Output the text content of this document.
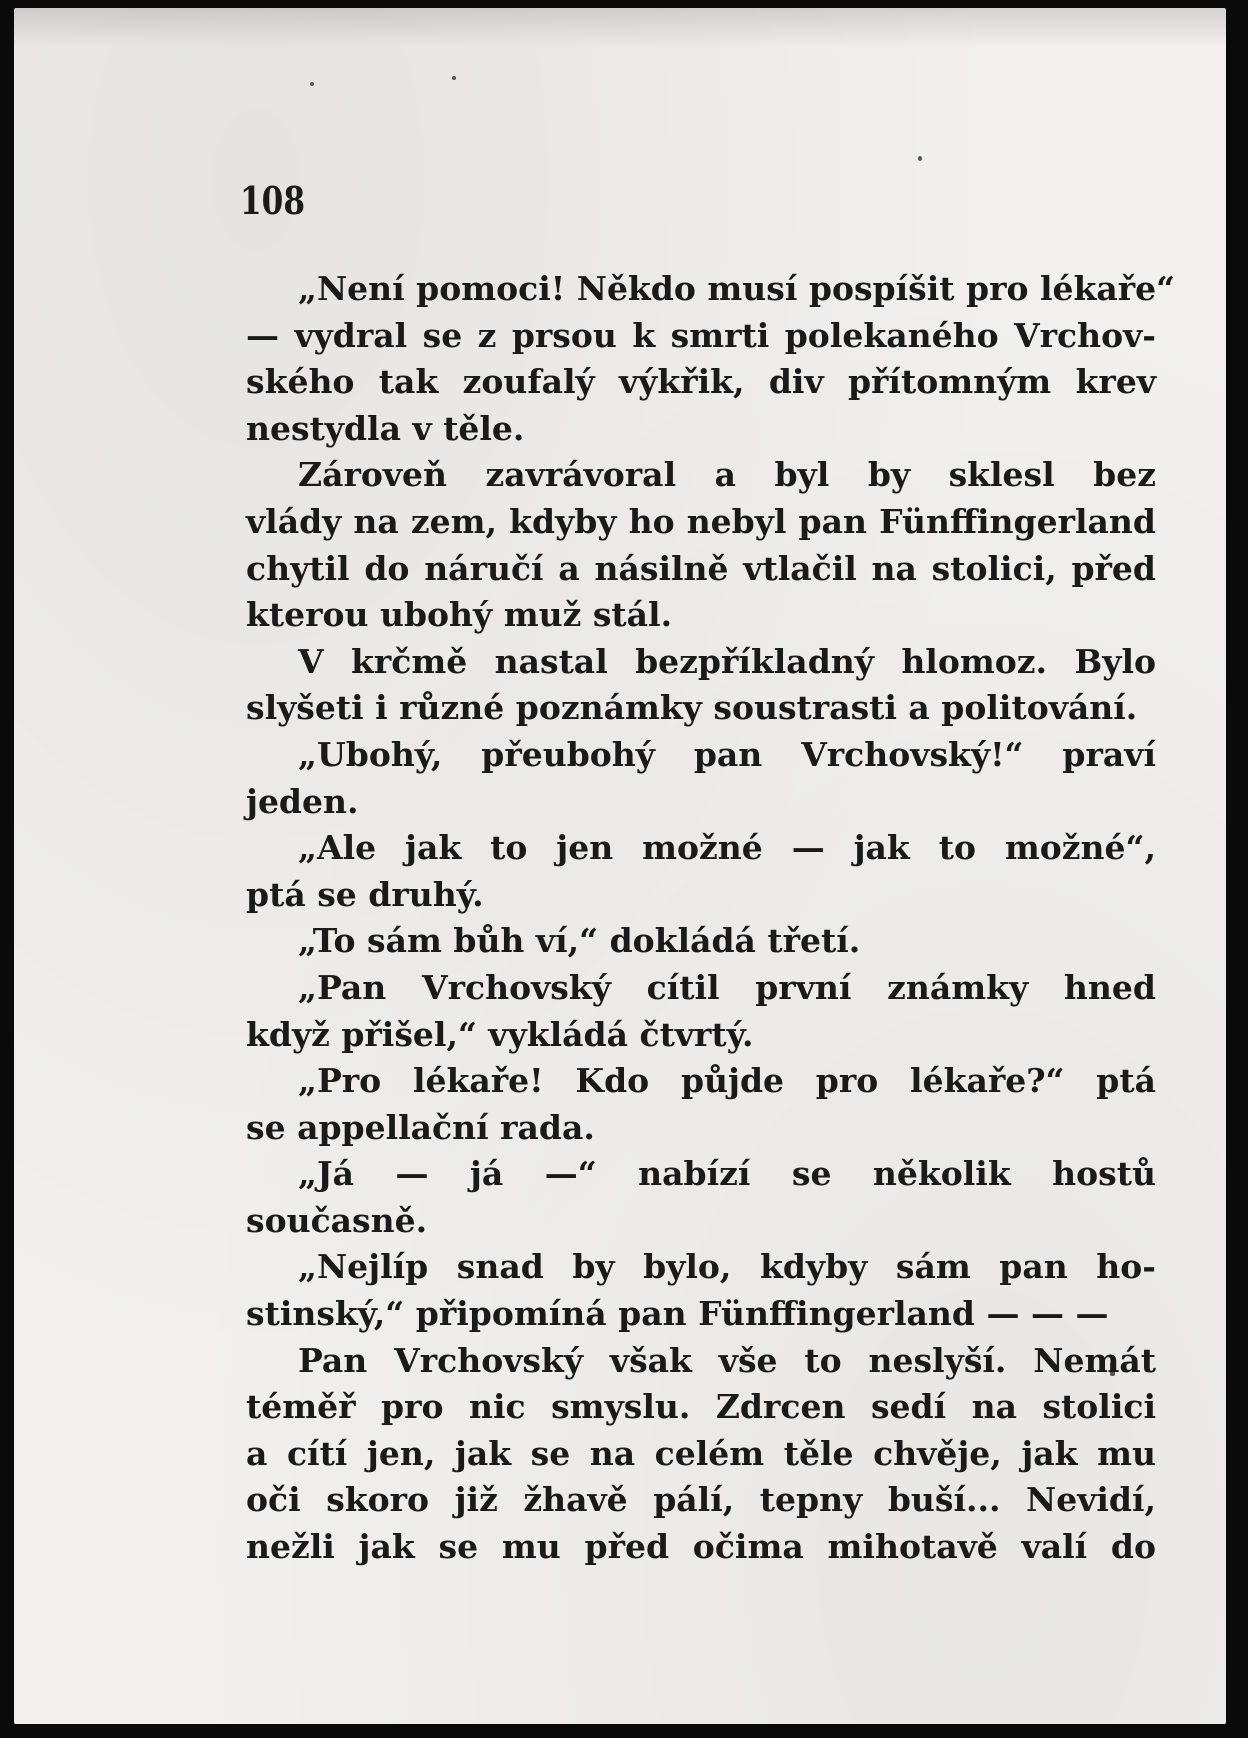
108

„Není pomoci! Někdo musí pospíšit pro lékaře“
— vydral se z prsou k smrti polekaného Vrchov-
ského tak zoufalý výkřik, div přítomným krev
nestydla v těle.
Zároveň zavrávoral a byl by sklesl bez
vlády na zem, kdyby ho nebyl pan Fünffingerland
chytil do náručí a násilně vtlačil na stolici, před
kterou ubohý muž stál.
V krčmě nastal bezpříkladný hlomoz. Bylo
slyšeti i různé poznámky soustrasti a politování.
„Ubohý, přeubohý pan Vrchovský!“ praví
jeden.
„Ale jak to jen možné — jak to možné“,
ptá se druhý.
„To sám bůh ví,“ dokládá třetí.
„Pan Vrchovský cítil první známky hned
když přišel,“ vykládá čtvrtý.
„Pro lékaře! Kdo půjde pro lékaře?“ ptá
se appellační rada.
„Já — já —“ nabízí se několik hostů
současně.
„Nejlíp snad by bylo, kdyby sám pan ho-
stinský,“ připomíná pan Fünffingerland — — —
Pan Vrchovský však vše to neslyší. Nemát
téměř pro nic smyslu. Zdrcen sedí na stolici
a cítí jen, jak se na celém těle chvěje, jak mu
oči skoro již žhavě pálí, tepny buší... Nevidí,
nežli jak se mu před očima mihotavě valí do
